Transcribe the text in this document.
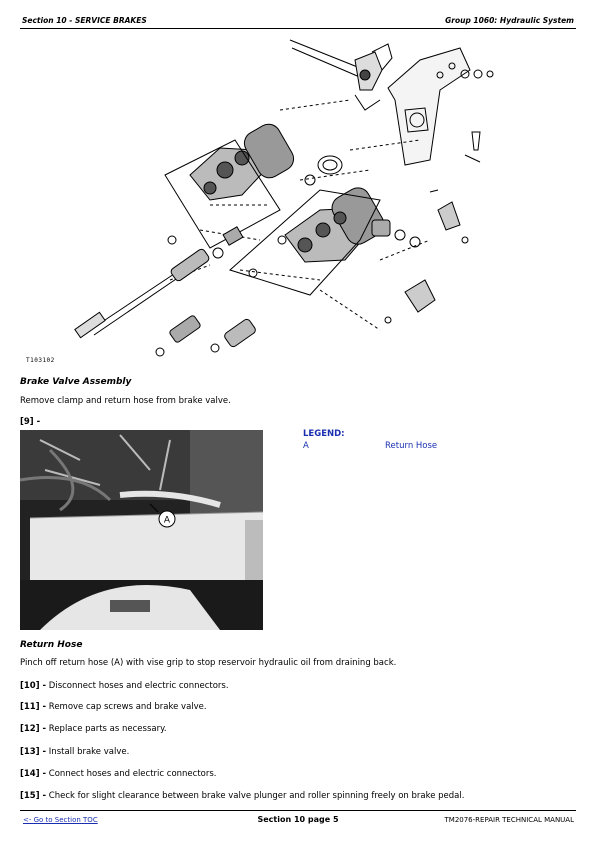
Section 10 - SERVICE BRAKES	Group 1060: Hydraulic System
T103102
Brake Valve Assembly
Remove clamp and return hose from brake valve.
[9] -
A
LEGEND:
A	Return Hose
Return Hose
Pinch off return hose (A) with vise grip to stop reservoir hydraulic oil from draining back.
[10] - Disconnect hoses and electric connectors.
[11] - Remove cap screws and brake valve.
[12] - Replace parts as necessary.
[13] - Install brake valve.
[14] - Connect hoses and electric connectors.
[15] - Check for slight clearance between brake valve plunger and roller spinning freely on brake pedal.
<- Go to Section TOC	Section 10 page 5	TM2076-REPAIR TECHNICAL MANUAL
